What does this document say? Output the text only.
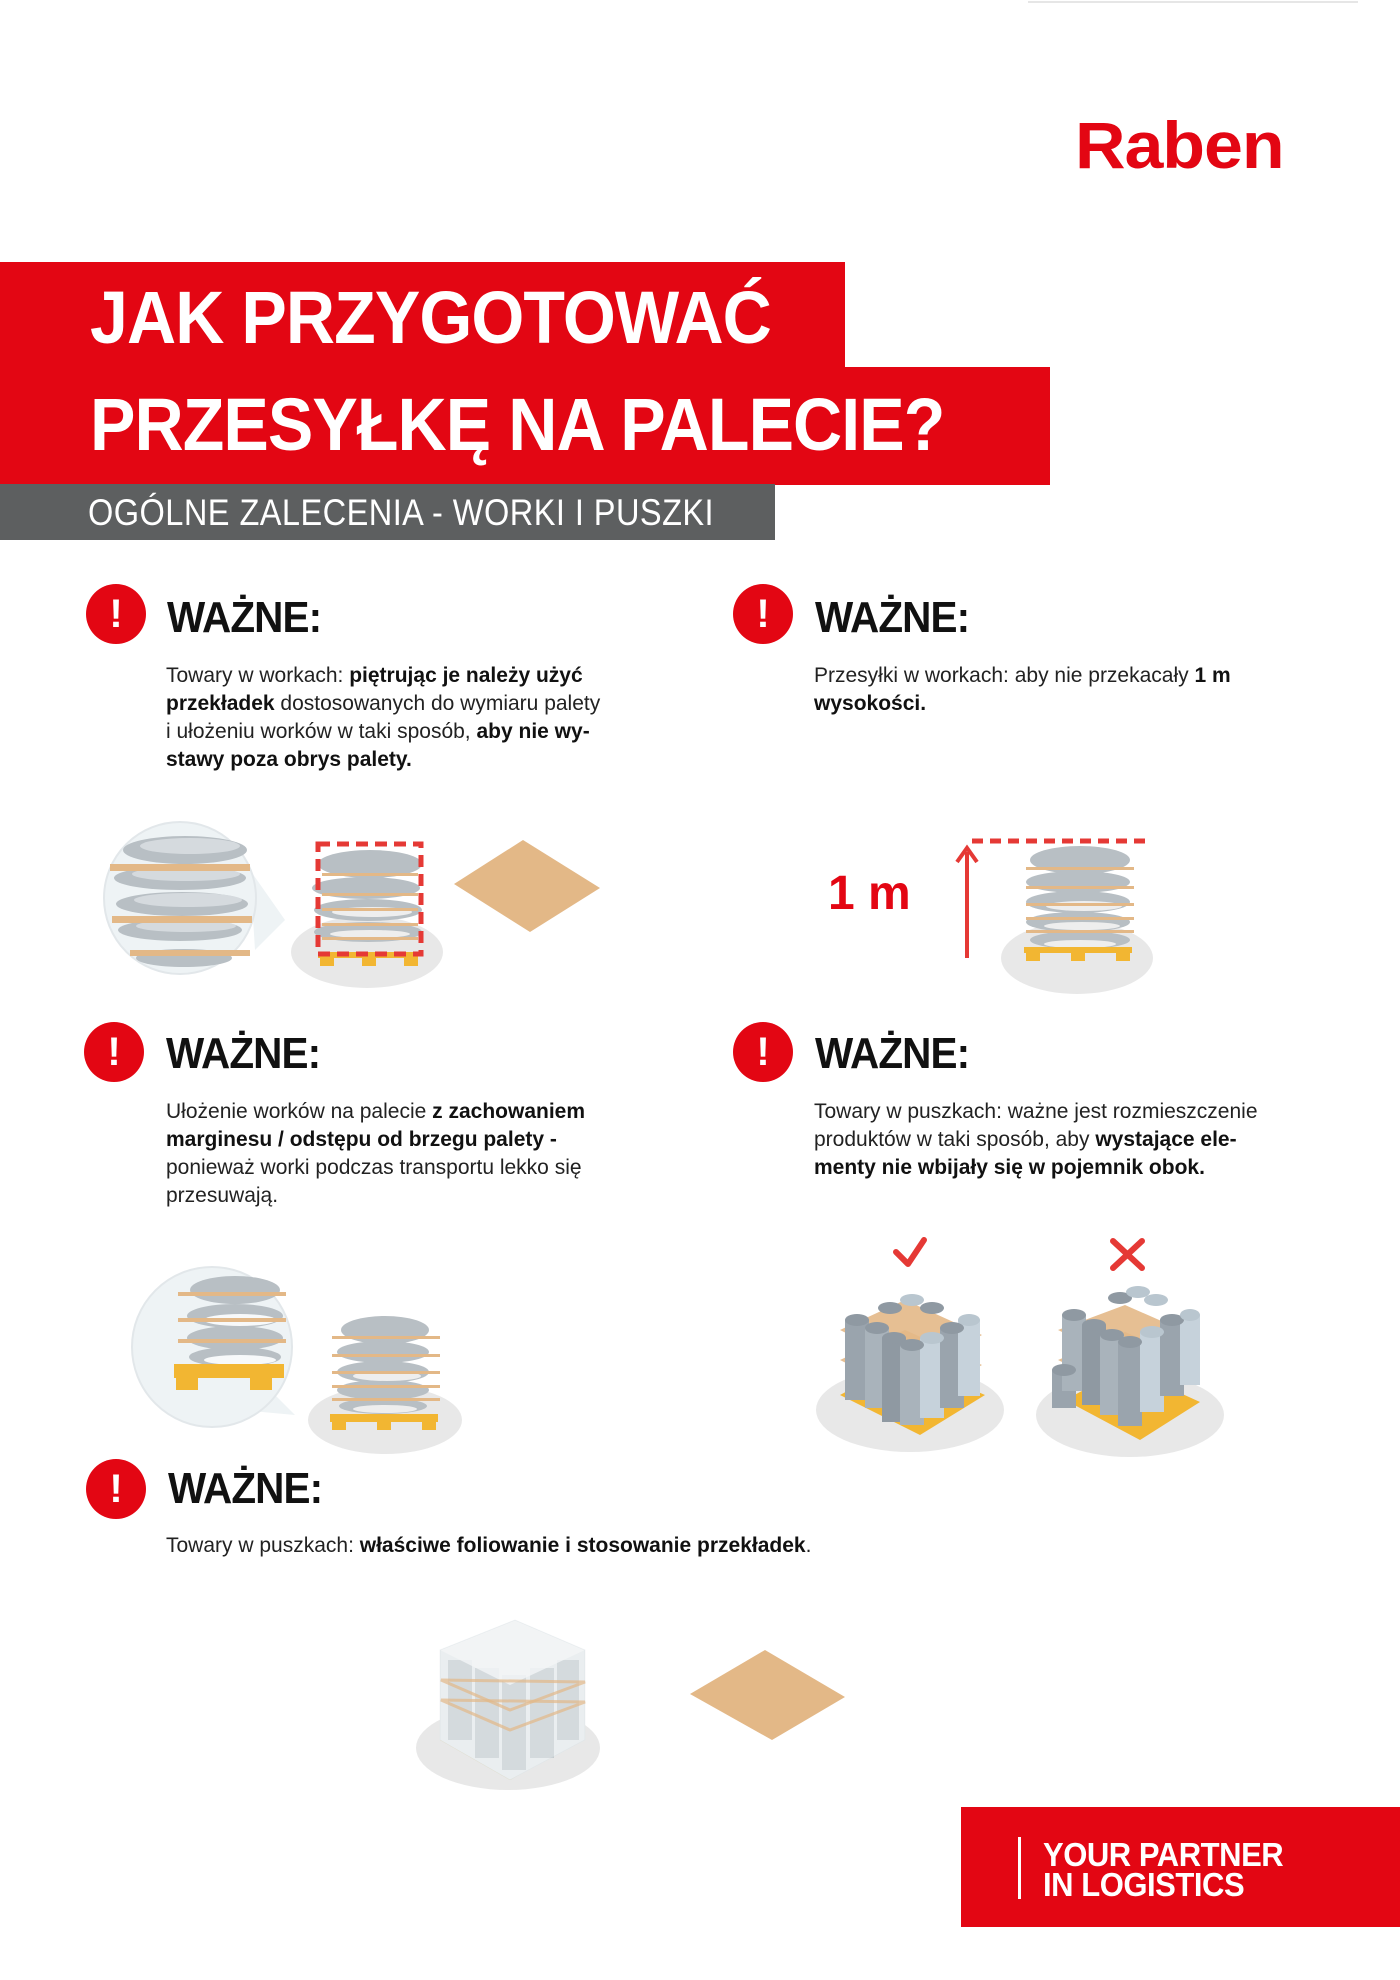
Raben
JAK PRZYGOTOWAĆ
PRZESYŁKĘ NA PALECIE?
OGÓLNE ZALECENIA - WORKI I PUSZKI
!	WAŻNE:
Towary w workach: piętrując je należy użyć
przekładek dostosowanych do wymiaru palety
i ułożeniu worków w taki sposób, aby nie wy-
stawy poza obrys palety.
!	WAŻNE:
Przesyłki w workach: aby nie przekacały 1 m
wysokości.
1 m
!	WAŻNE:
Ułożenie worków na palecie z zachowaniem
marginesu / odstępu od brzegu palety -
ponieważ worki podczas transportu lekko się
przesuwają.
!	WAŻNE:
Towary w puszkach: ważne jest rozmieszczenie
produktów w taki sposób, aby wystające ele-
menty nie wbijały się w pojemnik obok.
!	WAŻNE:
Towary w puszkach: właściwe foliowanie i stosowanie przekładek.
YOUR PARTNER
IN LOGISTICS
